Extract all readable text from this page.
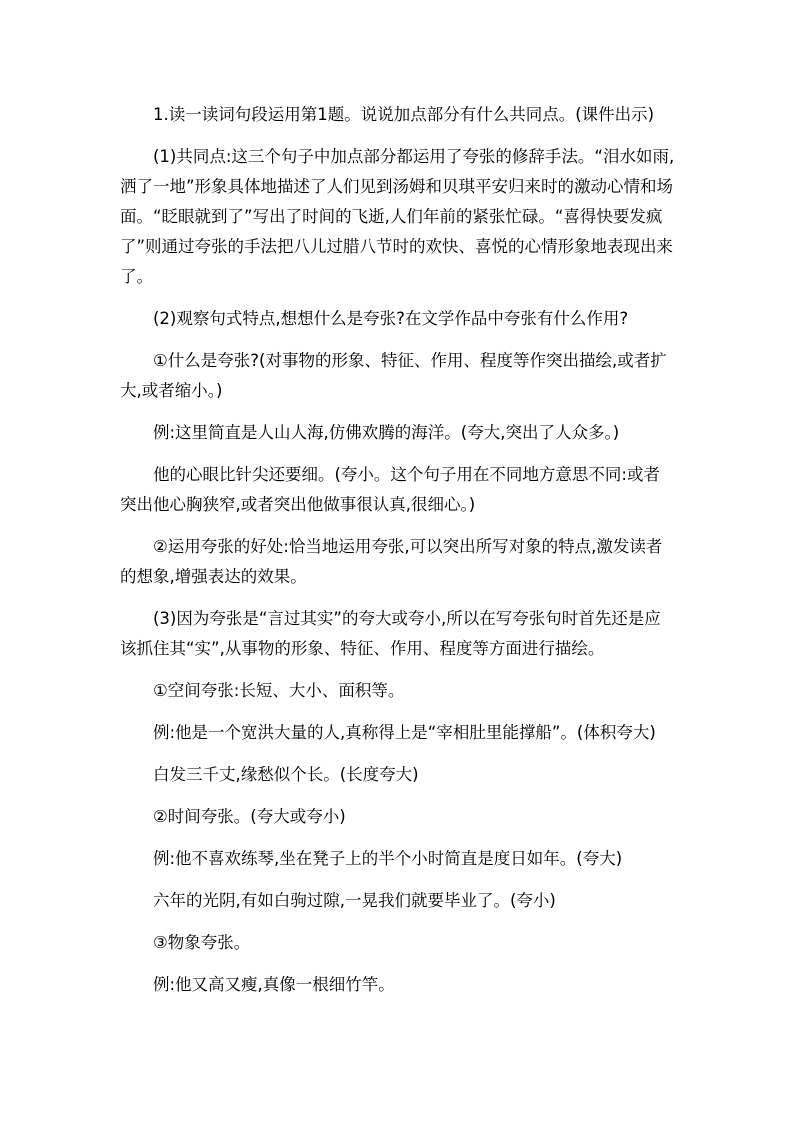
1.读一读词句段运用第1题。说说加点部分有什么共同点。(课件出示)

(1)共同点:这三个句子中加点部分都运用了夸张的修辞手法。“泪水如雨,洒了一地”形象具体地描述了人们见到汤姆和贝琪平安归来时的激动心情和场面。“眨眼就到了”写出了时间的飞逝,人们年前的紧张忙碌。“喜得快要发疯了”则通过夸张的手法把八儿过腊八节时的欢快、喜悦的心情形象地表现出来了。

(2)观察句式特点,想想什么是夸张?在文学作品中夸张有什么作用?

①什么是夸张?(对事物的形象、特征、作用、程度等作突出描绘,或者扩大,或者缩小。)

例:这里简直是人山人海,仿佛欢腾的海洋。(夸大,突出了人众多。)

他的心眼比针尖还要细。(夸小。这个句子用在不同地方意思不同:或者突出他心胸狭窄,或者突出他做事很认真,很细心。)

②运用夸张的好处:恰当地运用夸张,可以突出所写对象的特点,激发读者的想象,增强表达的效果。

(3)因为夸张是“言过其实”的夸大或夸小,所以在写夸张句时首先还是应该抓住其“实”,从事物的形象、特征、作用、程度等方面进行描绘。

①空间夸张:长短、大小、面积等。

例:他是一个宽洪大量的人,真称得上是“宰相肚里能撑船”。(体积夸大)

白发三千丈,缘愁似个长。(长度夸大)

②时间夸张。(夸大或夸小)

例:他不喜欢练琴,坐在凳子上的半个小时简直是度日如年。(夸大)

六年的光阴,有如白驹过隙,一晃我们就要毕业了。(夸小)

③物象夸张。

例:他又高又瘦,真像一根细竹竿。
